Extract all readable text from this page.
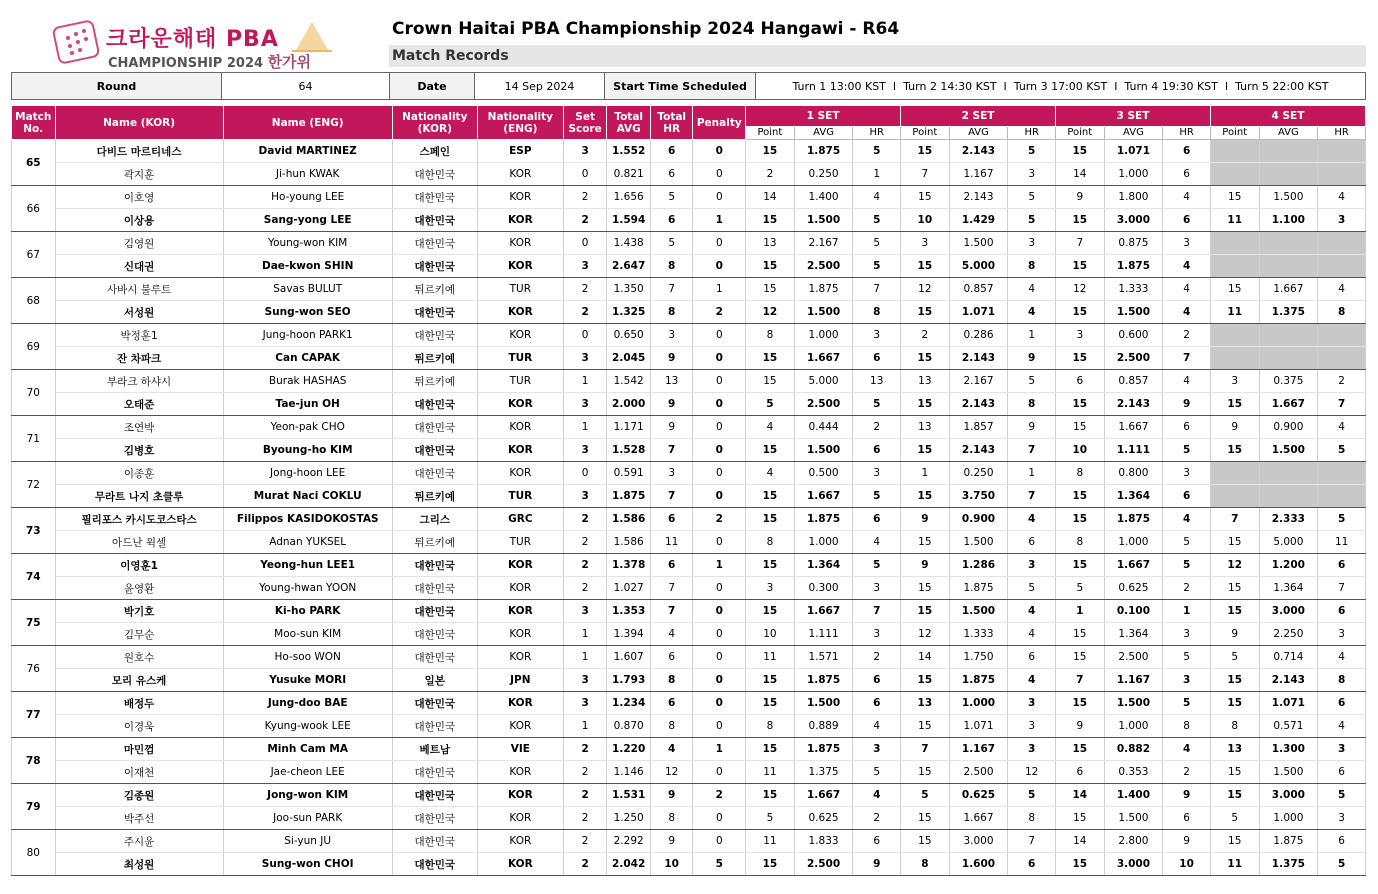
크라운해태 PBA
CHAMPIONSHIP 2024 한가위
Crown Haitai PBA Championship 2024 Hangawi - R64
Match Records
Round	64	Date	14 Sep 2024	Start Time Scheduled	Turn 1 13:00 KST  I  Turn 2 14:30 KST  I  Turn 3 17:00 KST  I  Turn 4 19:30 KST  I  Turn 5 22:00 KST
Match No.	Name (KOR)	Name (ENG)	Nationality (KOR)	Nationality (ENG)	Set Score	Total AVG	Total HR	Penalty	1 SET			2 SET			3 SET			4 SET		
									Point	AVG	HR	Point	AVG	HR	Point	AVG	HR	Point	AVG	HR
65	다비드 마르티네스	David MARTINEZ	스페인	ESP	3	1.552	6	0	15	1.875	5	15	2.143	5	15	1.071	6			
	곽지훈	Ji-hun KWAK	대한민국	KOR	0	0.821	6	0	2	0.250	1	7	1.167	3	14	1.000	6			
66	이호영	Ho-young LEE	대한민국	KOR	2	1.656	5	0	14	1.400	4	15	2.143	5	9	1.800	4	15	1.500	4
	이상용	Sang-yong LEE	대한민국	KOR	2	1.594	6	1	15	1.500	5	10	1.429	5	15	3.000	6	11	1.100	3
67	김영원	Young-won KIM	대한민국	KOR	0	1.438	5	0	13	2.167	5	3	1.500	3	7	0.875	3			
	신대권	Dae-kwon SHIN	대한민국	KOR	3	2.647	8	0	15	2.500	5	15	5.000	8	15	1.875	4			
68	사바시 불루트	Savas BULUT	튀르키예	TUR	2	1.350	7	1	15	1.875	7	12	0.857	4	12	1.333	4	15	1.667	4
	서성원	Sung-won SEO	대한민국	KOR	2	1.325	8	2	12	1.500	8	15	1.071	4	15	1.500	4	11	1.375	8
69	박정훈1	Jung-hoon PARK1	대한민국	KOR	0	0.650	3	0	8	1.000	3	2	0.286	1	3	0.600	2			
	잔 차파크	Can CAPAK	튀르키예	TUR	3	2.045	9	0	15	1.667	6	15	2.143	9	15	2.500	7			
70	부라크 하샤시	Burak HASHAS	튀르키예	TUR	1	1.542	13	0	15	5.000	13	13	2.167	5	6	0.857	4	3	0.375	2
	오태준	Tae-jun OH	대한민국	KOR	3	2.000	9	0	5	2.500	5	15	2.143	8	15	2.143	9	15	1.667	7
71	조연박	Yeon-pak CHO	대한민국	KOR	1	1.171	9	0	4	0.444	2	13	1.857	9	15	1.667	6	9	0.900	4
	김병호	Byoung-ho KIM	대한민국	KOR	3	1.528	7	0	15	1.500	6	15	2.143	7	10	1.111	5	15	1.500	5
72	이종훈	Jong-hoon LEE	대한민국	KOR	0	0.591	3	0	4	0.500	3	1	0.250	1	8	0.800	3			
	무라트 나지 초클루	Murat Naci COKLU	튀르키예	TUR	3	1.875	7	0	15	1.667	5	15	3.750	7	15	1.364	6			
73	필리포스 카시도코스타스	Filippos KASIDOKOSTAS	그리스	GRC	2	1.586	6	2	15	1.875	6	9	0.900	4	15	1.875	4	7	2.333	5
	아드난 윅셀	Adnan YUKSEL	튀르키예	TUR	2	1.586	11	0	8	1.000	4	15	1.500	6	8	1.000	5	15	5.000	11
74	이영훈1	Yeong-hun LEE1	대한민국	KOR	2	1.378	6	1	15	1.364	5	9	1.286	3	15	1.667	5	12	1.200	6
	윤영환	Young-hwan YOON	대한민국	KOR	2	1.027	7	0	3	0.300	3	15	1.875	5	5	0.625	2	15	1.364	7
75	박기호	Ki-ho PARK	대한민국	KOR	3	1.353	7	0	15	1.667	7	15	1.500	4	1	0.100	1	15	3.000	6
	김무순	Moo-sun KIM	대한민국	KOR	1	1.394	4	0	10	1.111	3	12	1.333	4	15	1.364	3	9	2.250	3
76	원호수	Ho-soo WON	대한민국	KOR	1	1.607	6	0	11	1.571	2	14	1.750	6	15	2.500	5	5	0.714	4
	모리 유스케	Yusuke MORI	일본	JPN	3	1.793	8	0	15	1.875	6	15	1.875	4	7	1.167	3	15	2.143	8
77	배정두	Jung-doo BAE	대한민국	KOR	3	1.234	6	0	15	1.500	6	13	1.000	3	15	1.500	5	15	1.071	6
	이경욱	Kyung-wook LEE	대한민국	KOR	1	0.870	8	0	8	0.889	4	15	1.071	3	9	1.000	8	8	0.571	4
78	마민껌	Minh Cam MA	베트남	VIE	2	1.220	4	1	15	1.875	3	7	1.167	3	15	0.882	4	13	1.300	3
	이재천	Jae-cheon LEE	대한민국	KOR	2	1.146	12	0	11	1.375	5	15	2.500	12	6	0.353	2	15	1.500	6
79	김종원	Jong-won KIM	대한민국	KOR	2	1.531	9	2	15	1.667	4	5	0.625	5	14	1.400	9	15	3.000	5
	박주선	Joo-sun PARK	대한민국	KOR	2	1.250	8	0	5	0.625	2	15	1.667	8	15	1.500	6	5	1.000	3
80	주시윤	Si-yun JU	대한민국	KOR	2	2.292	9	0	11	1.833	6	15	3.000	7	14	2.800	9	15	1.875	6
	최성원	Sung-won CHOI	대한민국	KOR	2	2.042	10	5	15	2.500	9	8	1.600	6	15	3.000	10	11	1.375	5
